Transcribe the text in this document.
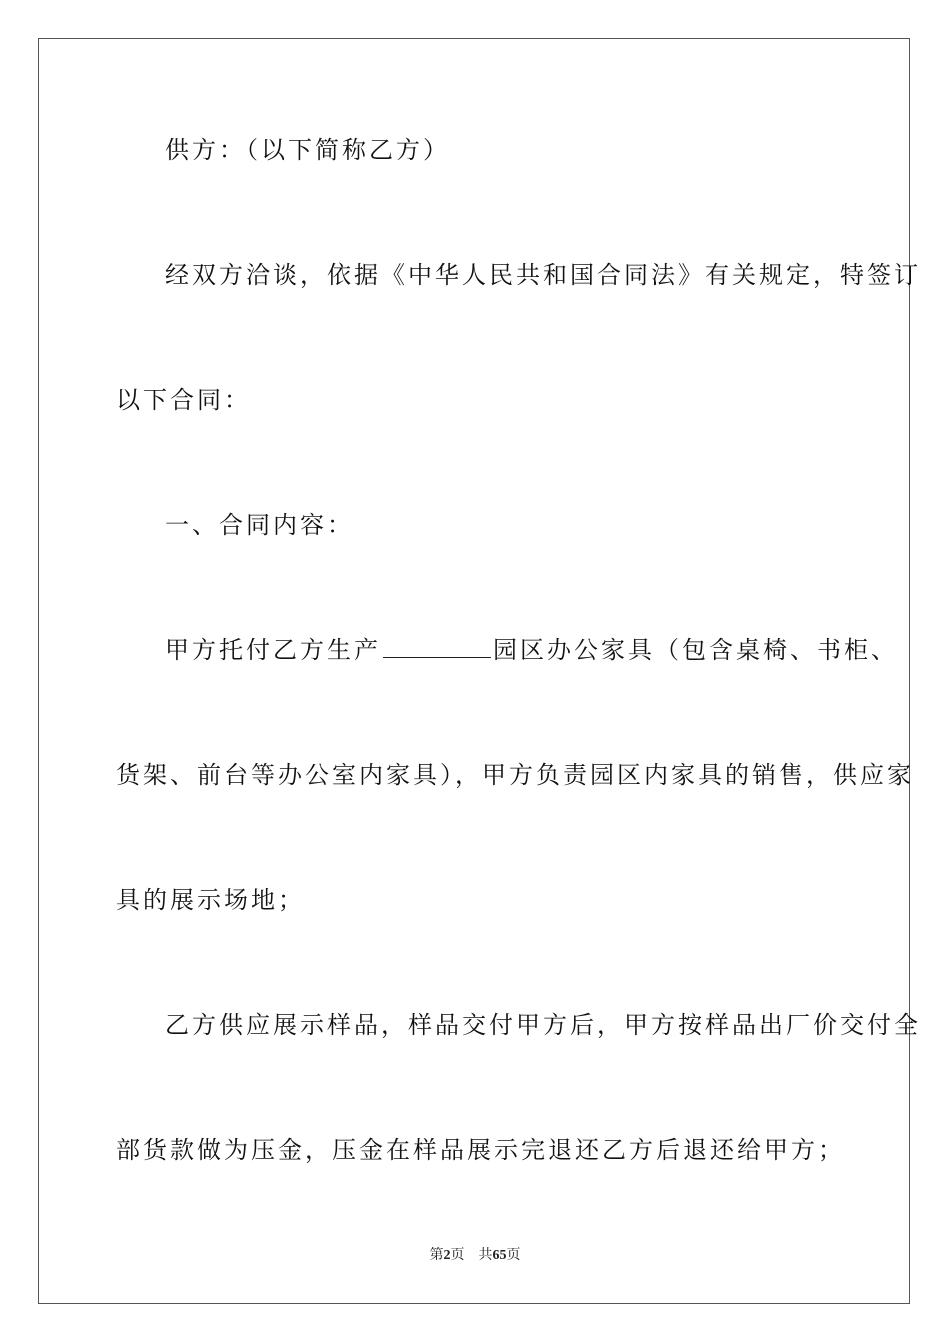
供方：（以下简称乙方）
经双方洽谈，依据《中华人民共和国合同法》有关规定，特签订
以下合同：
一、合同内容：
甲方托付乙方生产	园区办公家具（包含桌椅、书柜、
货架、前台等办公室内家具），甲方负责园区内家具的销售，供应家
具的展示场地；
乙方供应展示样品，样品交付甲方后，甲方按样品出厂价交付全
部货款做为压金，压金在样品展示完退还乙方后退还给甲方；
第2页 共65页
